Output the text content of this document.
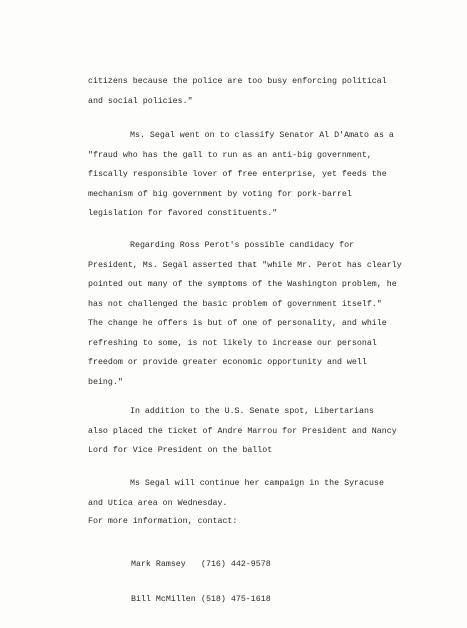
citizens because the police are too busy enforcing political
and social policies."

Ms. Segal went on to classify Senator Al D'Amato as a
"fraud who has the gall to run as an anti-big government,
fiscally responsible lover of free enterprise, yet feeds the
mechanism of big government by voting for pork-barrel
legislation for favored constituents."

Regarding Ross Perot's possible candidacy for
President, Ms. Segal asserted that "while Mr. Perot has clearly
pointed out many of the symptoms of the Washington problem, he
has not challenged the basic problem of government itself."
The change he offers is but of one of personality, and while
refreshing to some, is not likely to increase our personal
freedom or provide greater economic opportunity and well
being."

In addition to the U.S. Senate spot, Libertarians
also placed the ticket of Andre Marrou for President and Nancy
Lord for Vice President on the ballot

Ms Segal will continue her campaign in the Syracuse
and Utica area on Wednesday.

For more information, contact:

Mark Ramsey (716) 442-9578

Bill McMillen (518) 475-1618
